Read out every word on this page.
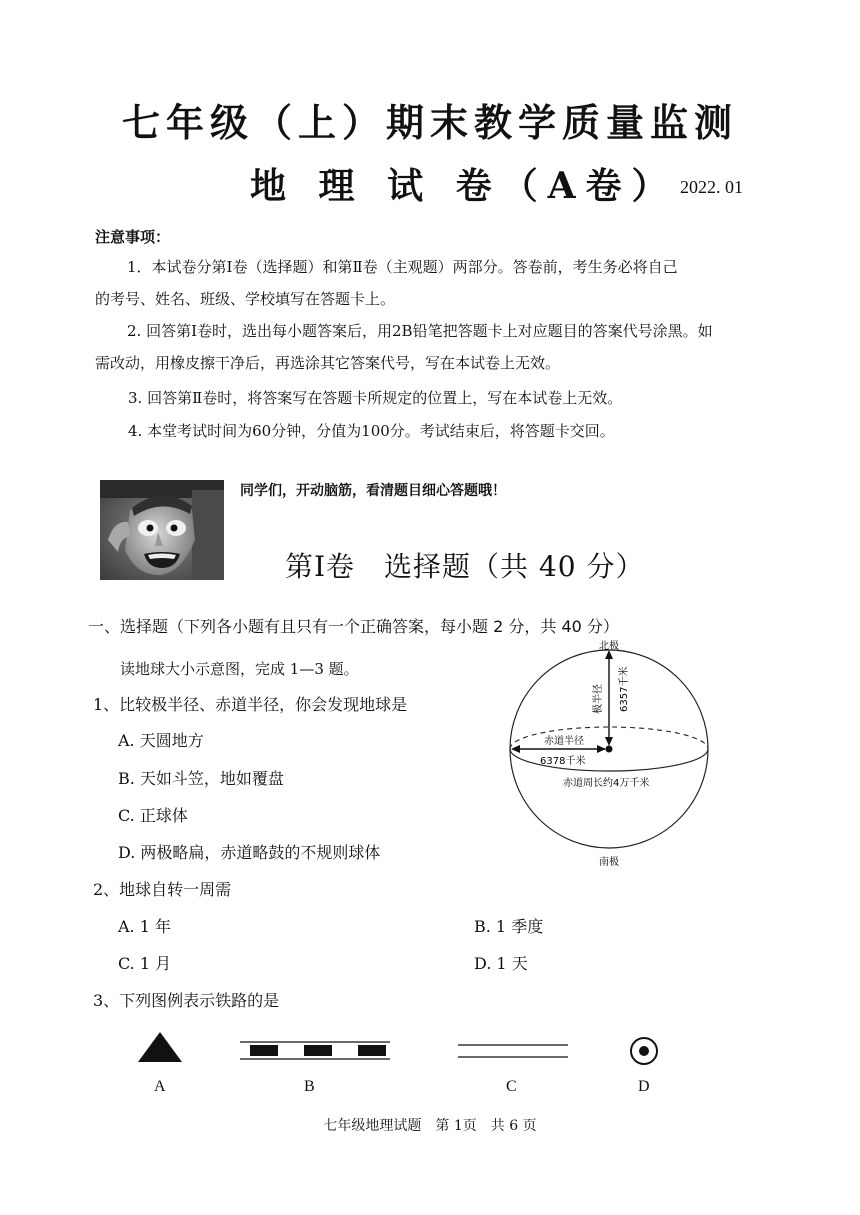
七年级（上）期末教学质量监测
地 理 试 卷（A卷） 2022. 01
注意事项：
1．本试卷分第Ⅰ卷（选择题）和第Ⅱ卷（主观题）两部分。答卷前，考生务必将自己
的考号、姓名、班级、学校填写在答题卡上。
2. 回答第Ⅰ卷时，选出每小题答案后，用2B铅笔把答题卡上对应题目的答案代号涂黑。如
需改动，用橡皮擦干净后，再选涂其它答案代号，写在本试卷上无效。
3. 回答第Ⅱ卷时，将答案写在答题卡所规定的位置上，写在本试卷上无效。
4. 本堂考试时间为60分钟，分值为100分。考试结束后，将答题卡交回。
同学们，开动脑筋，看清题目细心答题哦！
第Ⅰ卷　选择题（共 40 分）
一、选择题（下列各小题有且只有一个正确答案，每小题 2 分，共 40 分）
读地球大小示意图，完成 1—3 题。
1、比较极半径、赤道半径，你会发现地球是
A. 天圆地方
B. 天如斗笠，地如覆盘
C. 正球体
D. 两极略扁，赤道略鼓的不规则球体
2、地球自转一周需
A. 1 年	B. 1 季度
C. 1 月	D. 1 天
3、下列图例表示铁路的是
北极
南极
极半径 6357千米
赤道半径
6378千米
赤道周长约4万千米
A	B	C	D
七年级地理试题　第 1页　共 6 页
